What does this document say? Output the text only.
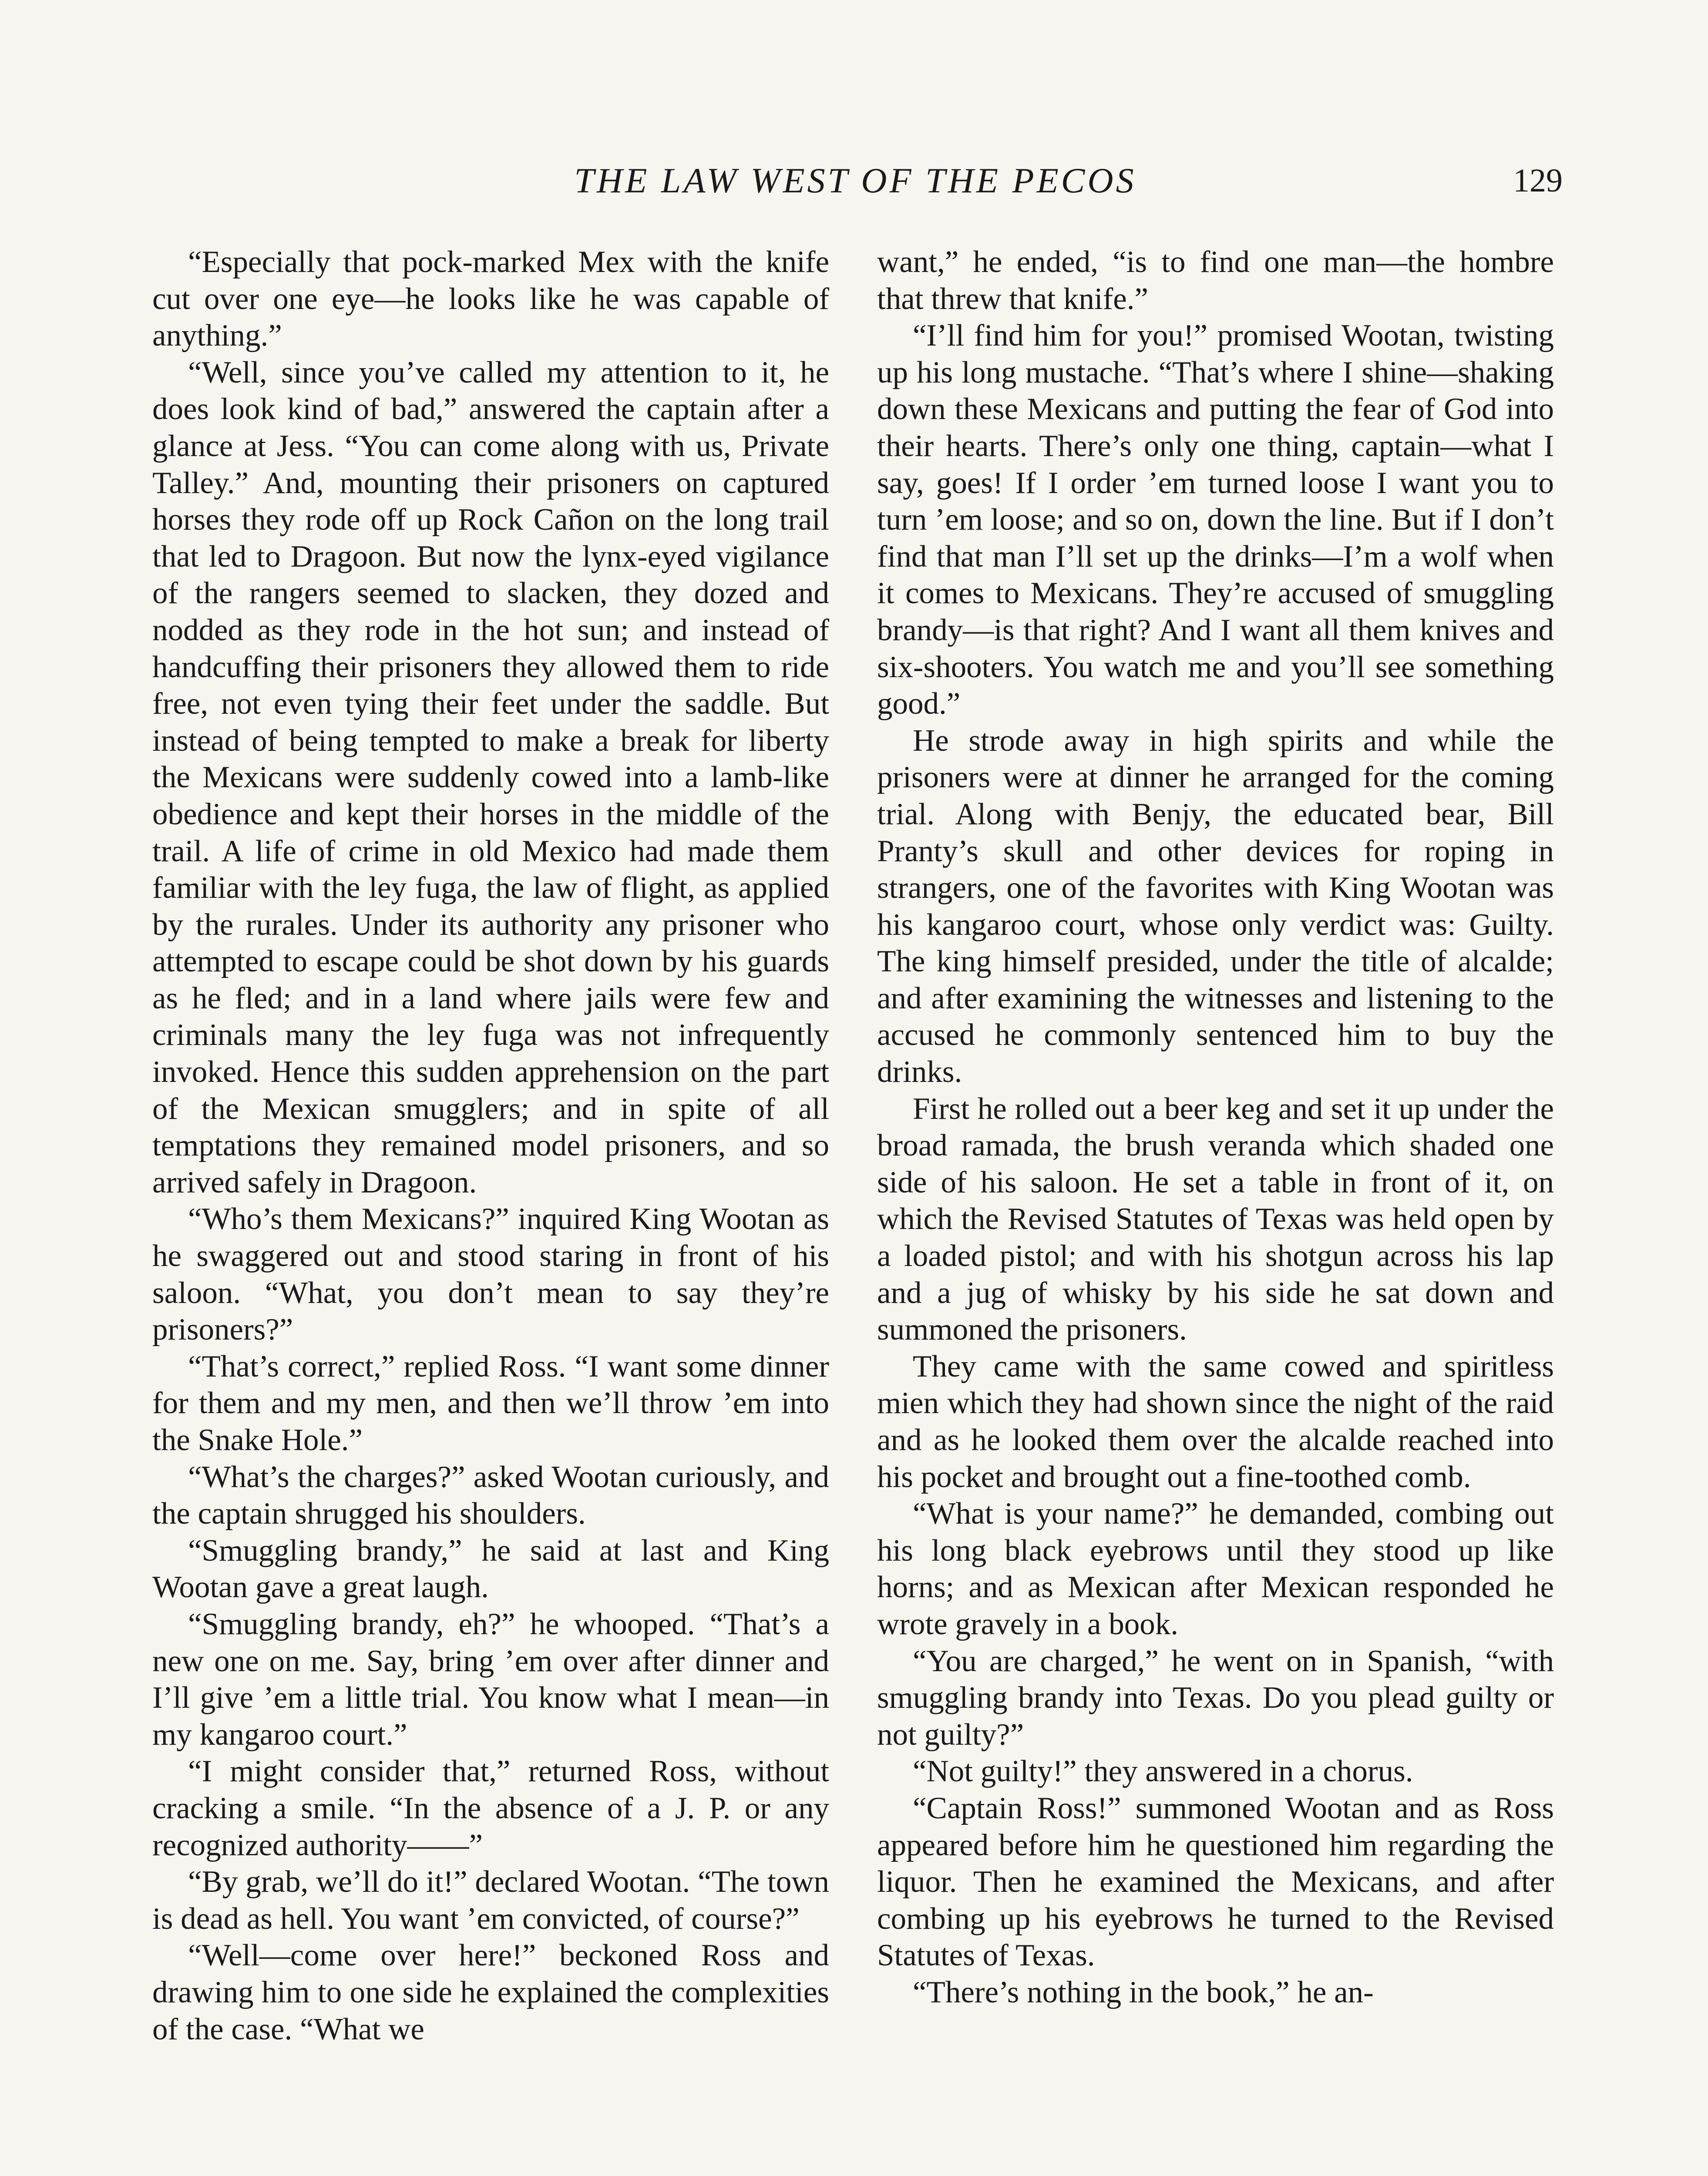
THE LAW WEST OF THE PECOS	129

“Especially that pock-marked Mex with the knife cut over one eye—he looks like he was capable of anything.”

“Well, since you’ve called my attention to it, he does look kind of bad,” answered the captain after a glance at Jess. “You can come along with us, Private Talley.” And, mounting their prisoners on captured horses they rode off up Rock Cañon on the long trail that led to Dragoon. But now the lynx-eyed vigilance of the rangers seemed to slacken, they dozed and nodded as they rode in the hot sun; and instead of handcuffing their prisoners they allowed them to ride free, not even tying their feet under the saddle. But instead of being tempted to make a break for liberty the Mexicans were suddenly cowed into a lamb-like obedience and kept their horses in the middle of the trail. A life of crime in old Mexico had made them familiar with the ley fuga, the law of flight, as applied by the rurales. Under its authority any prisoner who attempted to escape could be shot down by his guards as he fled; and in a land where jails were few and criminals many the ley fuga was not infrequently invoked. Hence this sudden apprehension on the part of the Mexican smugglers; and in spite of all temptations they remained model prisoners, and so arrived safely in Dragoon.

“Who’s them Mexicans?” inquired King Wootan as he swaggered out and stood staring in front of his saloon. “What, you don’t mean to say they’re prisoners?”

“That’s correct,” replied Ross. “I want some dinner for them and my men, and then we’ll throw ’em into the Snake Hole.”

“What’s the charges?” asked Wootan curiously, and the captain shrugged his shoulders.

“Smuggling brandy,” he said at last and King Wootan gave a great laugh.

“Smuggling brandy, eh?” he whooped. “That’s a new one on me. Say, bring ’em over after dinner and I’ll give ’em a little trial. You know what I mean—in my kangaroo court.”

“I might consider that,” returned Ross, without cracking a smile. “In the absence of a J. P. or any recognized authority——”

“By grab, we’ll do it!” declared Wootan. “The town is dead as hell. You want ’em convicted, of course?”

“Well—come over here!” beckoned Ross and drawing him to one side he explained the complexities of the case. “What we

want,” he ended, “is to find one man—the hombre that threw that knife.”

“I’ll find him for you!” promised Wootan, twisting up his long mustache. “That’s where I shine—shaking down these Mexicans and putting the fear of God into their hearts. There’s only one thing, captain—what I say, goes! If I order ’em turned loose I want you to turn ’em loose; and so on, down the line. But if I don’t find that man I’ll set up the drinks—I’m a wolf when it comes to Mexicans. They’re accused of smuggling brandy—is that right? And I want all them knives and six-shooters. You watch me and you’ll see something good.”

He strode away in high spirits and while the prisoners were at dinner he arranged for the coming trial. Along with Benjy, the educated bear, Bill Pranty’s skull and other devices for roping in strangers, one of the favorites with King Wootan was his kangaroo court, whose only verdict was: Guilty. The king himself presided, under the title of alcalde; and after examining the witnesses and listening to the accused he commonly sentenced him to buy the drinks.

First he rolled out a beer keg and set it up under the broad ramada, the brush veranda which shaded one side of his saloon. He set a table in front of it, on which the Revised Statutes of Texas was held open by a loaded pistol; and with his shotgun across his lap and a jug of whisky by his side he sat down and summoned the prisoners.

They came with the same cowed and spiritless mien which they had shown since the night of the raid and as he looked them over the alcalde reached into his pocket and brought out a fine-toothed comb.

“What is your name?” he demanded, combing out his long black eyebrows until they stood up like horns; and as Mexican after Mexican responded he wrote gravely in a book.

“You are charged,” he went on in Spanish, “with smuggling brandy into Texas. Do you plead guilty or not guilty?”

“Not guilty!” they answered in a chorus.

“Captain Ross!” summoned Wootan and as Ross appeared before him he questioned him regarding the liquor. Then he examined the Mexicans, and after combing up his eyebrows he turned to the Revised Statutes of Texas.

“There’s nothing in the book,” he an-
